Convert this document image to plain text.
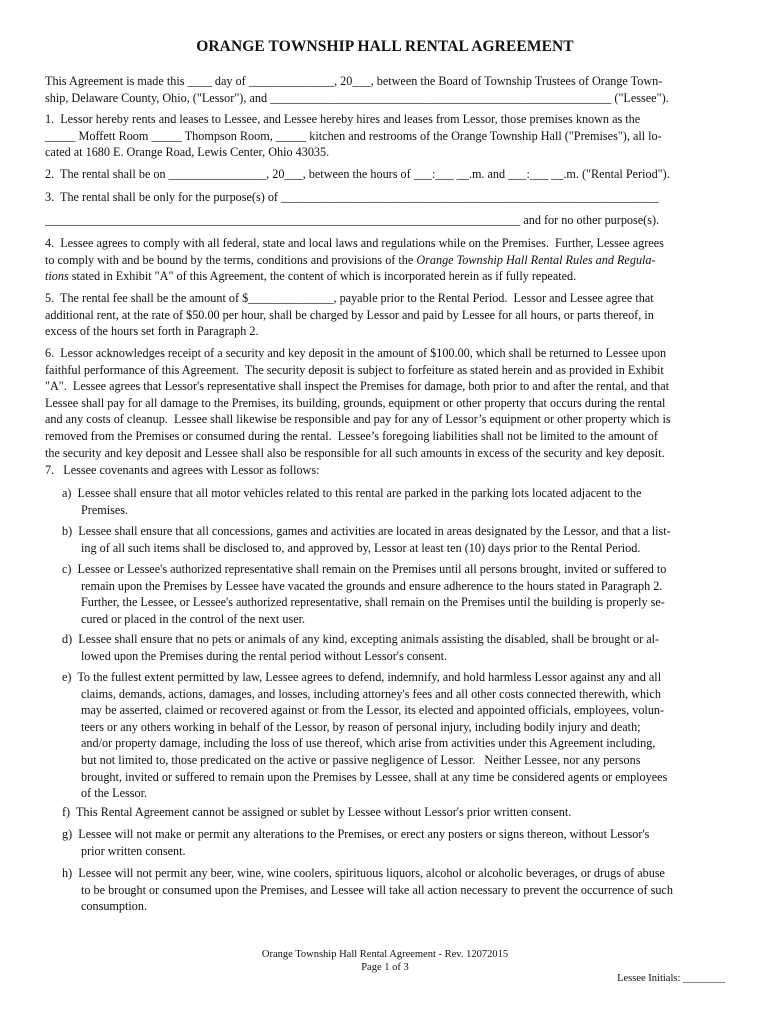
ORANGE TOWNSHIP HALL RENTAL AGREEMENT

This Agreement is made this ____ day of ______________, 20___, between the Board of Township Trustees of Orange Town-
ship, Delaware County, Ohio, ("Lessor"), and ________________________________________________________ ("Lessee").

1.  Lessor hereby rents and leases to Lessee, and Lessee hereby hires and leases from Lessor, those premises known as the
_____ Moffett Room _____ Thompson Room, _____ kitchen and restrooms of the Orange Township Hall ("Premises"), all lo-
cated at 1680 E. Orange Road, Lewis Center, Ohio 43035.

2.  The rental shall be on ________________, 20___, between the hours of ___:___ __.m. and ___:___ __.m. ("Rental Period").

3.  The rental shall be only for the purpose(s) of ______________________________________________________________
______________________________________________________________________________ and for no other purpose(s).

4.  Lessee agrees to comply with all federal, state and local laws and regulations while on the Premises.  Further, Lessee agrees
to comply with and be bound by the terms, conditions and provisions of the Orange Township Hall Rental Rules and Regula-
tions stated in Exhibit "A" of this Agreement, the content of which is incorporated herein as if fully repeated.

5.  The rental fee shall be the amount of $______________, payable prior to the Rental Period.  Lessor and Lessee agree that
additional rent, at the rate of $50.00 per hour, shall be charged by Lessor and paid by Lessee for all hours, or parts thereof, in
excess of the hours set forth in Paragraph 2.

6.  Lessor acknowledges receipt of a security and key deposit in the amount of $100.00, which shall be returned to Lessee upon
faithful performance of this Agreement.  The security deposit is subject to forfeiture as stated herein and as provided in Exhibit
"A".  Lessee agrees that Lessor's representative shall inspect the Premises for damage, both prior to and after the rental, and that
Lessee shall pay for all damage to the Premises, its building, grounds, equipment or other property that occurs during the rental
and any costs of cleanup.  Lessee shall likewise be responsible and pay for any of Lessor’s equipment or other property which is
removed from the Premises or consumed during the rental.  Lessee’s foregoing liabilities shall not be limited to the amount of
the security and key deposit and Lessee shall also be responsible for all such amounts in excess of the security and key deposit.

7.   Lessee covenants and agrees with Lessor as follows:

a)  Lessee shall ensure that all motor vehicles related to this rental are parked in the parking lots located adjacent to the
Premises.

b)  Lessee shall ensure that all concessions, games and activities are located in areas designated by the Lessor, and that a list-
ing of all such items shall be disclosed to, and approved by, Lessor at least ten (10) days prior to the Rental Period.

c)  Lessee or Lessee's authorized representative shall remain on the Premises until all persons brought, invited or suffered to
remain upon the Premises by Lessee have vacated the grounds and ensure adherence to the hours stated in Paragraph 2.
Further, the Lessee, or Lessee's authorized representative, shall remain on the Premises until the building is properly se-
cured or placed in the control of the next user.

d)  Lessee shall ensure that no pets or animals of any kind, excepting animals assisting the disabled, shall be brought or al-
lowed upon the Premises during the rental period without Lessor's consent.

e)  To the fullest extent permitted by law, Lessee agrees to defend, indemnify, and hold harmless Lessor against any and all
claims, demands, actions, damages, and losses, including attorney's fees and all other costs connected therewith, which
may be asserted, claimed or recovered against or from the Lessor, its elected and appointed officials, employees, volun-
teers or any others working in behalf of the Lessor, by reason of personal injury, including bodily injury and death;
and/or property damage, including the loss of use thereof, which arise from activities under this Agreement including,
but not limited to, those predicated on the active or passive negligence of Lessor.   Neither Lessee, nor any persons
brought, invited or suffered to remain upon the Premises by Lessee, shall at any time be considered agents or employees
of the Lessor.

f)  This Rental Agreement cannot be assigned or sublet by Lessee without Lessor's prior written consent.

g)  Lessee will not make or permit any alterations to the Premises, or erect any posters or signs thereon, without Lessor's
prior written consent.

h)  Lessee will not permit any beer, wine, wine coolers, spirituous liquors, alcohol or alcoholic beverages, or drugs of abuse
to be brought or consumed upon the Premises, and Lessee will take all action necessary to prevent the occurrence of such
consumption.

Orange Township Hall Rental Agreement - Rev. 12072015
Page 1 of 3
Lessee Initials: ________
